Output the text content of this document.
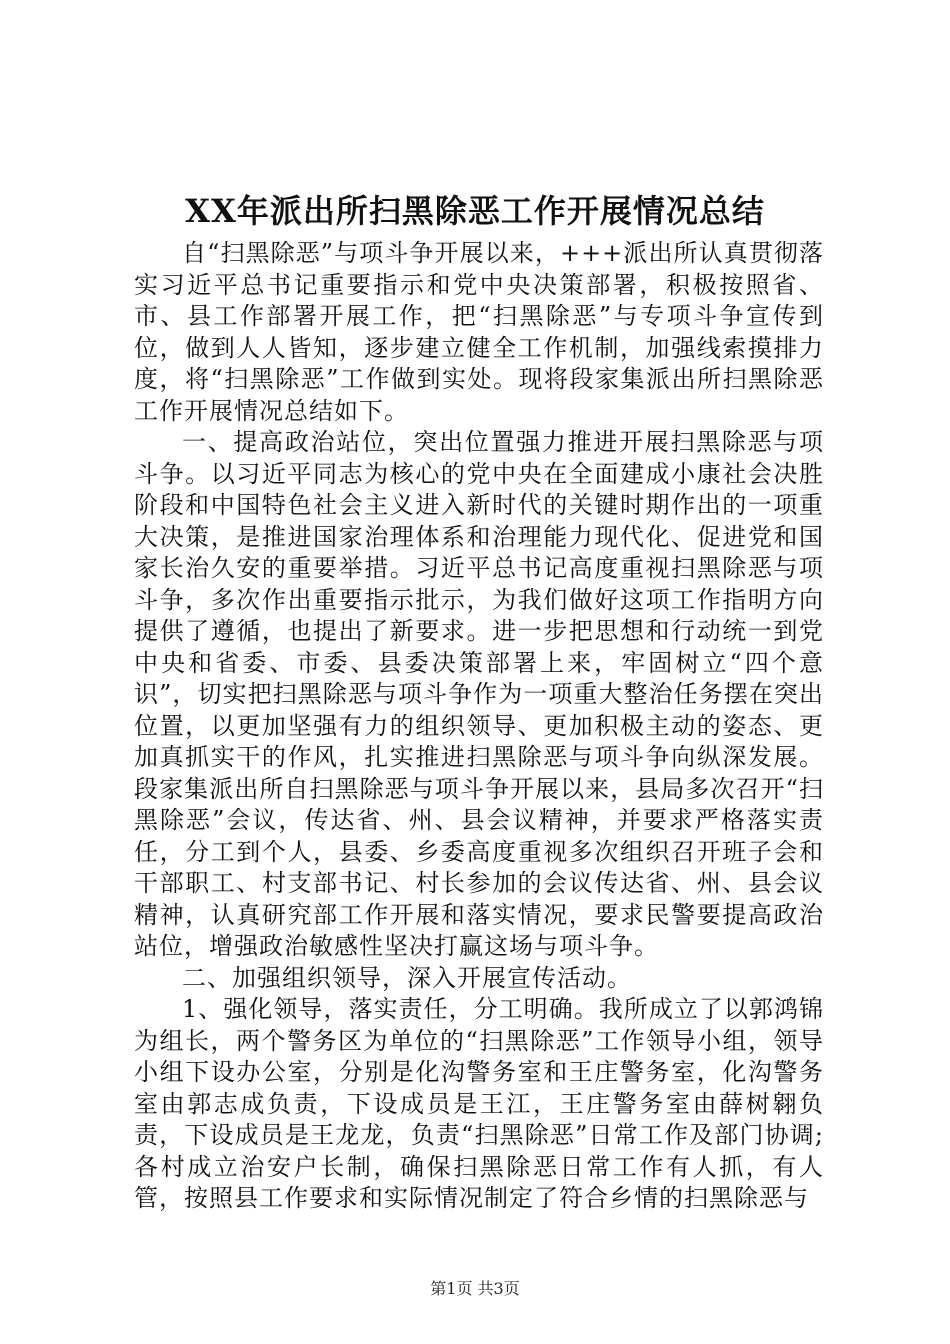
XX年派出所扫黑除恶工作开展情况总结

自“扫黑除恶”与项斗争开展以来，+++派出所认真贯彻落实习近平总书记重要指示和党中央决策部署，积极按照省、市、县工作部署开展工作，把“扫黑除恶”与专项斗争宣传到位，做到人人皆知，逐步建立健全工作机制，加强线索摸排力度，将“扫黑除恶”工作做到实处。现将段家集派出所扫黑除恶工作开展情况总结如下。

一、提高政治站位，突出位置强力推进开展扫黑除恶与项斗争。以习近平同志为核心的党中央在全面建成小康社会决胜阶段和中国特色社会主义进入新时代的关键时期作出的一项重大决策，是推进国家治理体系和治理能力现代化、促进党和国家长治久安的重要举措。习近平总书记高度重视扫黑除恶与项斗争，多次作出重要指示批示，为我们做好这项工作指明方向提供了遵循，也提出了新要求。进一步把思想和行动统一到党中央和省委、市委、县委决策部署上来，牢固树立“四个意识”，切实把扫黑除恶与项斗争作为一项重大整治任务摆在突出位置，以更加坚强有力的组织领导、更加积极主动的姿态、更加真抓实干的作风，扎实推进扫黑除恶与项斗争向纵深发展。段家集派出所自扫黑除恶与项斗争开展以来，县局多次召开“扫黑除恶”会议，传达省、州、县会议精神，并要求严格落实责任，分工到个人，县委、乡委高度重视多次组织召开班子会和干部职工、村支部书记、村长参加的会议传达省、州、县会议精神，认真研究部工作开展和落实情况，要求民警要提高政治站位，增强政治敏感性坚决打赢这场与项斗争。

二、加强组织领导，深入开展宣传活动。

1、强化领导，落实责任，分工明确。我所成立了以郭鸿锦为组长，两个警务区为单位的“扫黑除恶”工作领导小组，领导小组下设办公室，分别是化沟警务室和王庄警务室，化沟警务室由郭志成负责，下设成员是王江，王庄警务室由薛树翱负责，下设成员是王龙龙，负责“扫黑除恶”日常工作及部门协调;各村成立治安户长制，确保扫黑除恶日常工作有人抓，有人管，按照县工作要求和实际情况制定了符合乡情的扫黑除恶与

第1页 共3页
